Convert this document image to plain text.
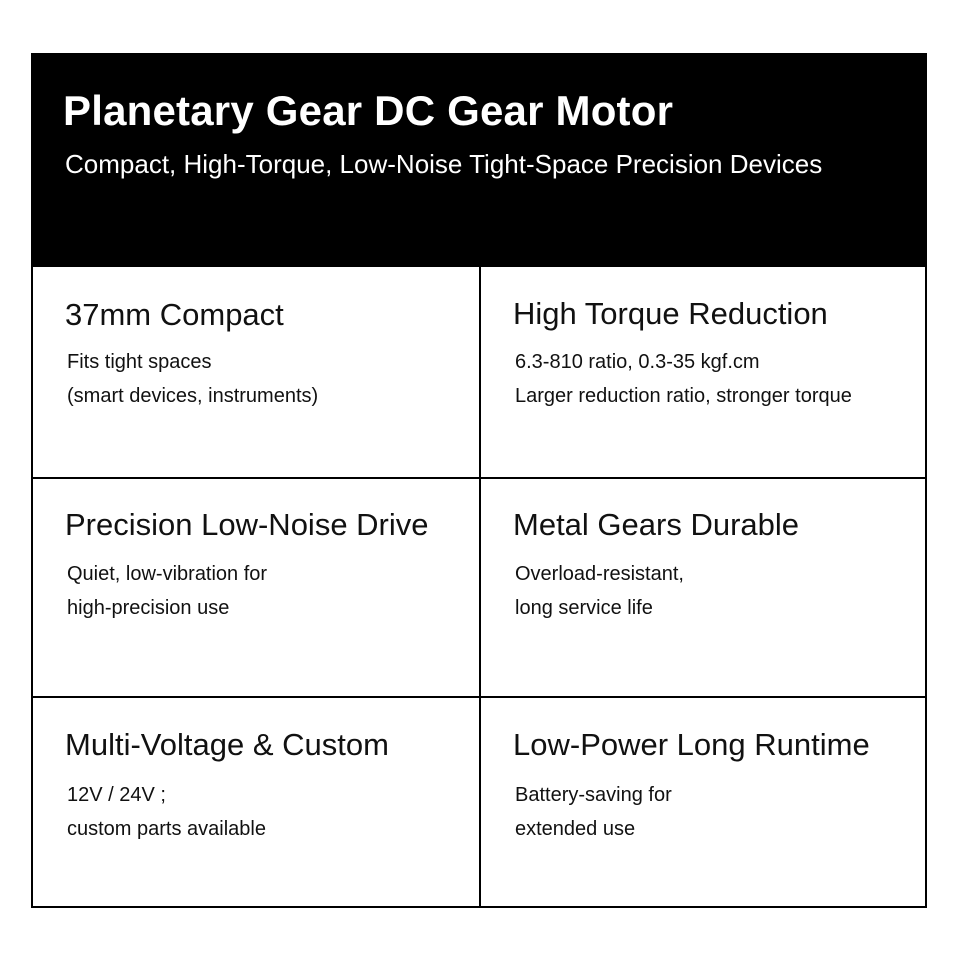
Planetary Gear DC Gear Motor

Compact, High-Torque, Low-Noise Tight-Space Precision Devices

37mm Compact

Fits tight spaces

(smart devices, instruments)

High Torque Reduction

6.3-810 ratio, 0.3-35 kgf.cm

Larger reduction ratio, stronger torque

Precision Low-Noise Drive

Quiet, low-vibration for

high-precision use

Metal Gears Durable

Overload-resistant,

long service life

Multi-Voltage & Custom

12V / 24V ;

custom parts available

Low-Power Long Runtime

Battery-saving for

extended use
